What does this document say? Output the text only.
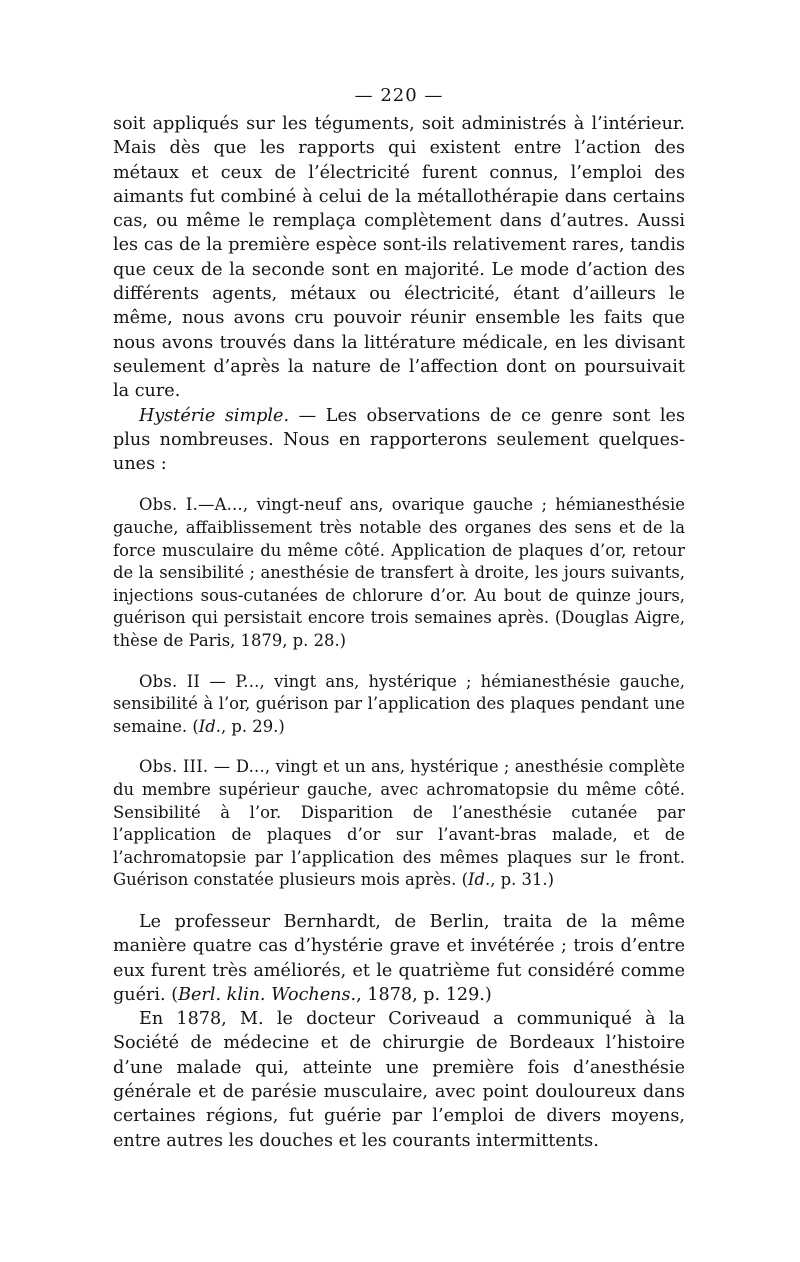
— 220 —

soit appliqués sur les téguments, soit administrés à l’intérieur. Mais dès que les rapports qui existent entre l’action des métaux et ceux de l’électricité furent connus, l’emploi des aimants fut combiné à celui de la métallothérapie dans certains cas, ou même le remplaça complètement dans d’autres. Aussi les cas de la première espèce sont-ils relativement rares, tandis que ceux de la seconde sont en majorité. Le mode d’action des différents agents, métaux ou électricité, étant d’ailleurs le même, nous avons cru pouvoir réunir ensemble les faits que nous avons trouvés dans la littérature médicale, en les divisant seulement d’après la nature de l’affection dont on poursuivait la cure.

Hystérie simple. — Les observations de ce genre sont les plus nombreuses. Nous en rapporterons seulement quelques-unes :

Obs. I.—A..., vingt-neuf ans, ovarique gauche ; hémianesthésie gauche, affaiblissement très notable des organes des sens et de la force musculaire du même côté. Application de plaques d’or, retour de la sensibilité ; anesthésie de transfert à droite, les jours suivants, injections sous-cutanées de chlorure d’or. Au bout de quinze jours, guérison qui persistait encore trois semaines après. (Douglas Aigre, thèse de Paris, 1879, p. 28.)

Obs. II — P..., vingt ans, hystérique ; hémianesthésie gauche, sensibilité à l’or, guérison par l’application des plaques pendant une semaine. (Id., p. 29.)

Obs. III. — D..., vingt et un ans, hystérique ; anesthésie complète du membre supérieur gauche, avec achromatopsie du même côté. Sensibilité à l’or. Disparition de l’anesthésie cutanée par l’application de plaques d’or sur l’avant-bras malade, et de l’achromatopsie par l’application des mêmes plaques sur le front. Guérison constatée plusieurs mois après. (Id., p. 31.)

Le professeur Bernhardt, de Berlin, traita de la même manière quatre cas d’hystérie grave et invétérée ; trois d’entre eux furent très améliorés, et le quatrième fut considéré comme guéri. (Berl. klin. Wochens., 1878, p. 129.)

En 1878, M. le docteur Coriveaud a communiqué à la Société de médecine et de chirurgie de Bordeaux l’histoire d’une malade qui, atteinte une première fois d’anesthésie générale et de parésie musculaire, avec point douloureux dans certaines régions, fut guérie par l’emploi de divers moyens, entre autres les douches et les courants intermittents.
